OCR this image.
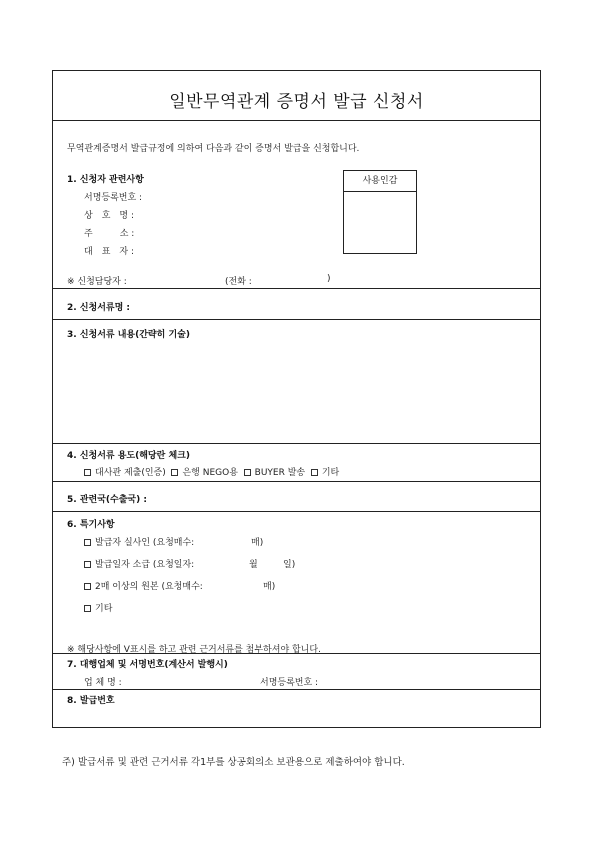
일반무역관계 증명서 발급 신청서
무역관계증명서 발급규정에 의하여 다음과 같이 증명서 발급을 신청합니다.
1. 신청자 관련사항
서명등록번호 :
상　호　명 :
주　　　소 :
대　표　자 :
※ 신청담당자 :	(전화 :	)
사용인감
2. 신청서류명 :
3. 신청서류 내용(간략히 기술)
4. 신청서류 용도(해당란 체크)
대사관 제출(인증) 은행 NEGO용 BUYER 발송 기타
5. 관련국(수출국) :
6. 특기사항
발급자 실사인 (요청매수:	매)
발급일자 소급 (요청일자:	월	일)
2매 이상의 원본 (요청매수:	매)
기타
※ 해당사항에 V표시를 하고 관련 근거서류를 첨부하셔야 합니다.
7. 대행업체 및 서명번호(계산서 발행시)
업 체 명 :	서명등록번호 :
8. 발급번호
주) 발급서류 및 관련 근거서류 각1부를 상공회의소 보관용으로 제출하여야 합니다.
